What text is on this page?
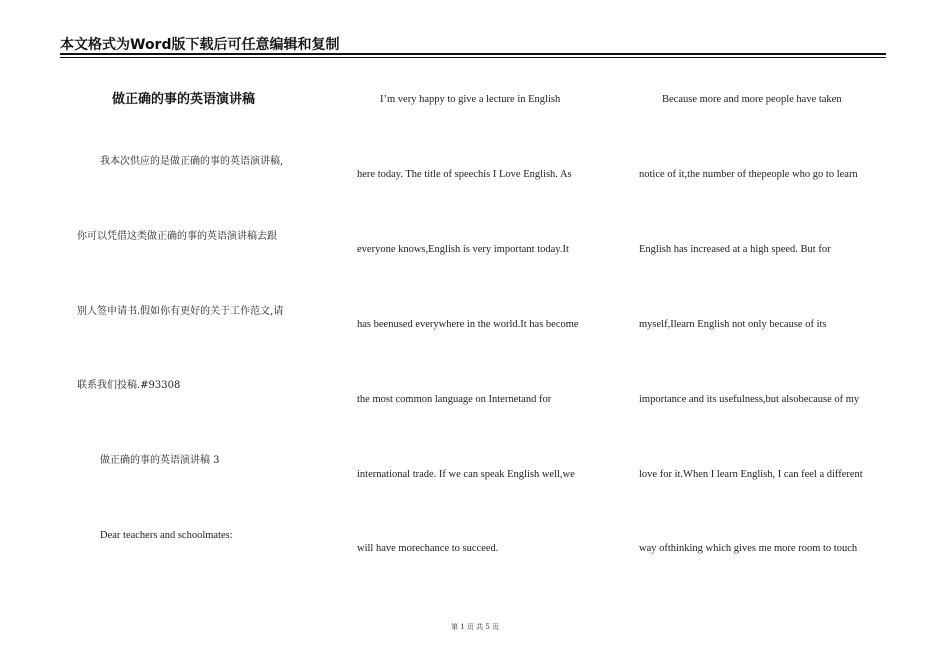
本文格式为Word版下载后可任意编辑和复制
做正确的事的英语演讲稿
我本次供应的是做正确的事的英语演讲稿,
你可以凭借这类做正确的事的英语演讲稿去跟
别人签申请书.假如你有更好的关于工作范文,请
联系我们投稿.#93308
做正确的事的英语演讲稿 3
Dear teachers and schoolmates:
I’m very happy to give a lecture in English
here today. The title of speechis I Love English. As
everyone knows,English is very important today.It
has beenused everywhere in the world.It has become
the most common language on Internetand for
international trade. If we can speak English well,we
will have morechance to succeed.
Because more and more people have taken
notice of it,the number of thepeople who go to learn
English has increased at a high speed. But for
myself,Ilearn English not only because of its
importance and its usefulness,but alsobecause of my
love for it.When I learn English, I can feel a different
way ofthinking which gives me more room to touch
第 1 页 共 5 页
